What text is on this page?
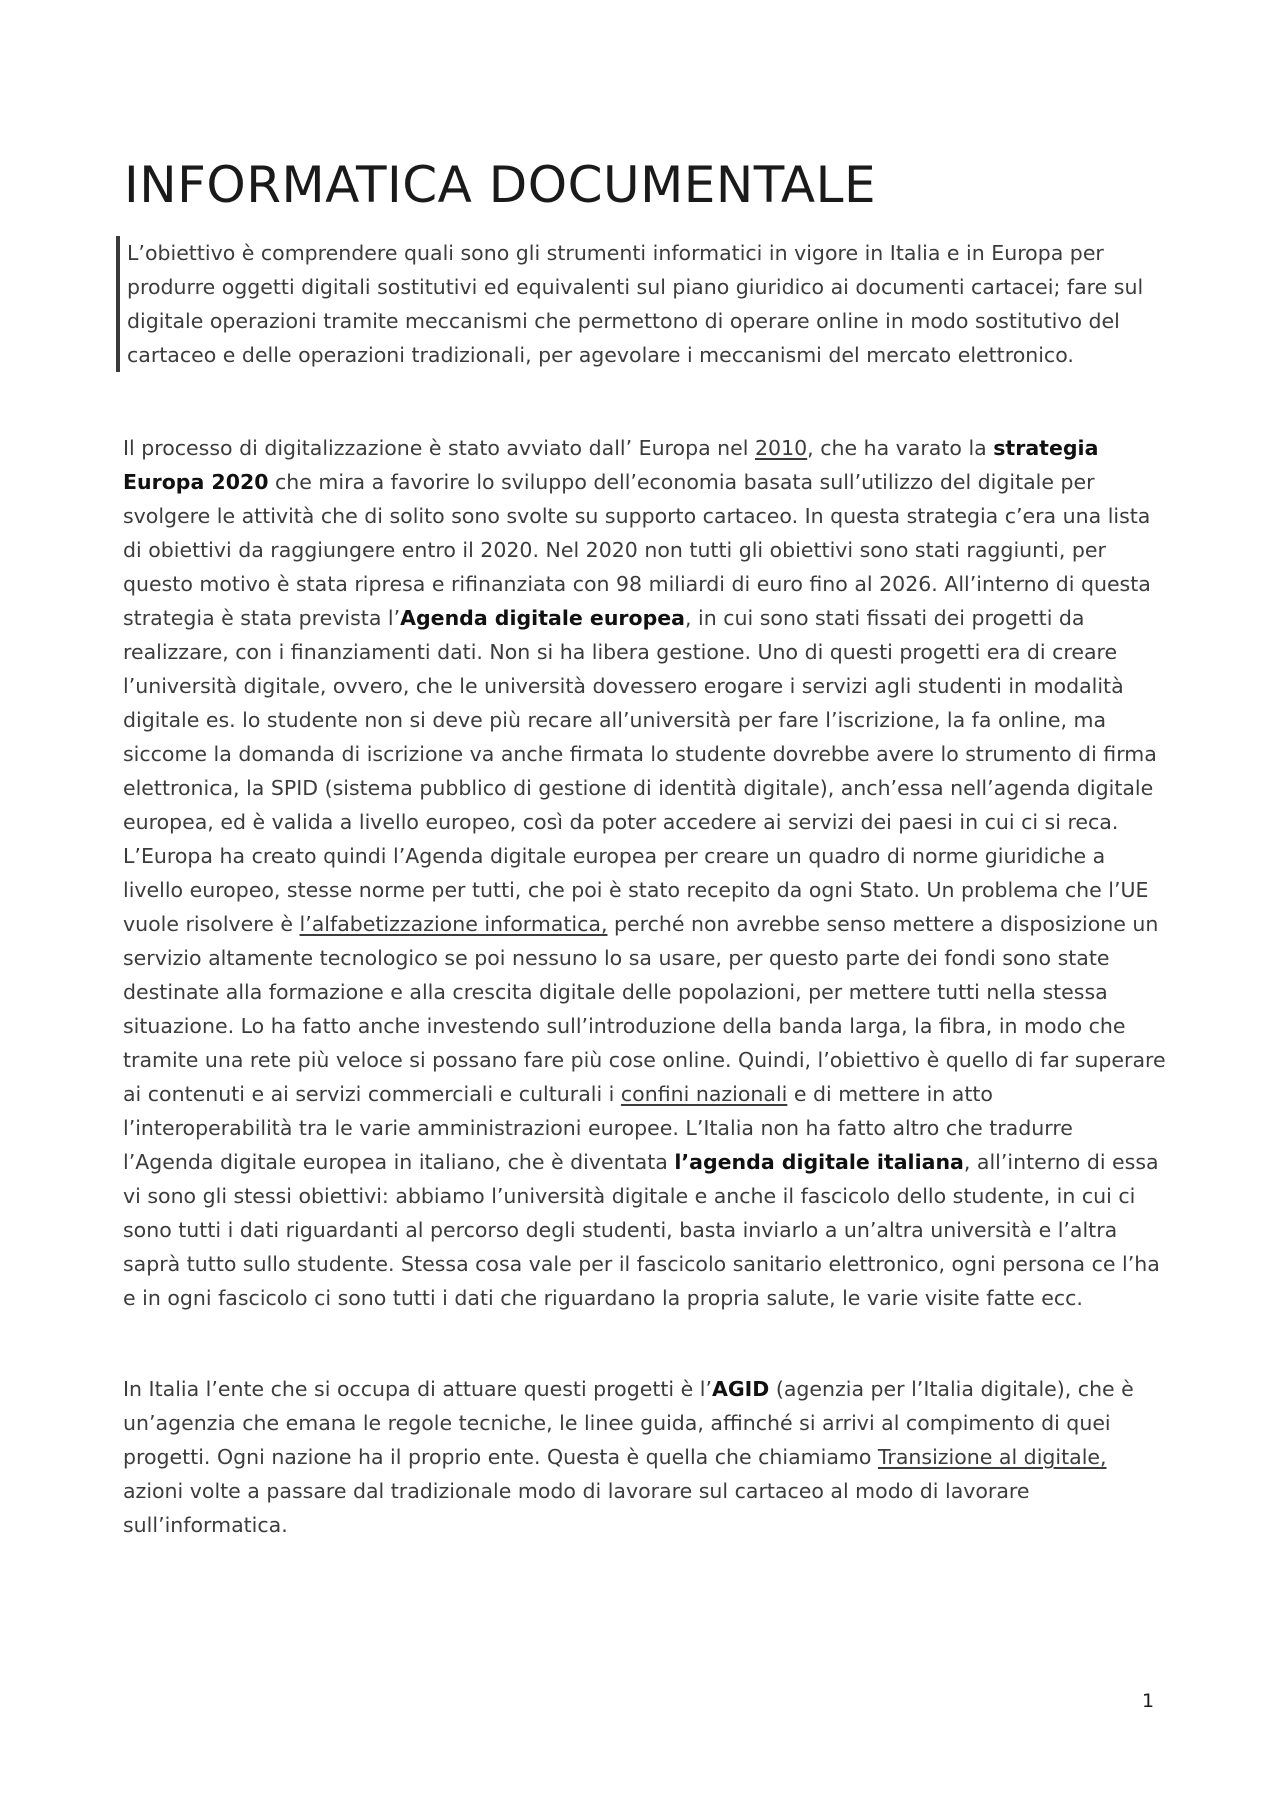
INFORMATICA DOCUMENTALE
L’obiettivo è comprendere quali sono gli strumenti informatici in vigore in Italia e in Europa per produrre oggetti digitali sostitutivi ed equivalenti sul piano giuridico ai documenti cartacei; fare sul digitale operazioni tramite meccanismi che permettono di operare online in modo sostitutivo del cartaceo e delle operazioni tradizionali, per agevolare i meccanismi del mercato elettronico.

Il processo di digitalizzazione è stato avviato dall’ Europa nel 2010, che ha varato la strategia Europa 2020 che mira a favorire lo sviluppo dell’economia basata sull’utilizzo del digitale per svolgere le attività che di solito sono svolte su supporto cartaceo. In questa strategia c’era una lista di obiettivi da raggiungere entro il 2020. Nel 2020 non tutti gli obiettivi sono stati raggiunti, per questo motivo è stata ripresa e rifinanziata con 98 miliardi di euro fino al 2026. All’interno di questa strategia è stata prevista l’Agenda digitale europea, in cui sono stati fissati dei progetti da realizzare, con i finanziamenti dati. Non si ha libera gestione. Uno di questi progetti era di creare l’università digitale, ovvero, che le università dovessero erogare i servizi agli studenti in modalità digitale es. lo studente non si deve più recare all’università per fare l’iscrizione, la fa online, ma siccome la domanda di iscrizione va anche firmata lo studente dovrebbe avere lo strumento di firma elettronica, la SPID (sistema pubblico di gestione di identità digitale), anch’essa nell’agenda digitale europea, ed è valida a livello europeo, così da poter accedere ai servizi dei paesi in cui ci si reca. L’Europa ha creato quindi l’Agenda digitale europea per creare un quadro di norme giuridiche a livello europeo, stesse norme per tutti, che poi è stato recepito da ogni Stato. Un problema che l’UE vuole risolvere è l’alfabetizzazione informatica, perché non avrebbe senso mettere a disposizione un servizio altamente tecnologico se poi nessuno lo sa usare, per questo parte dei fondi sono state destinate alla formazione e alla crescita digitale delle popolazioni, per mettere tutti nella stessa situazione. Lo ha fatto anche investendo sull’introduzione della banda larga, la fibra, in modo che tramite una rete più veloce si possano fare più cose online. Quindi, l’obiettivo è quello di far superare ai contenuti e ai servizi commerciali e culturali i confini nazionali e di mettere in atto l’interoperabilità tra le varie amministrazioni europee. L’Italia non ha fatto altro che tradurre l’Agenda digitale europea in italiano, che è diventata l’agenda digitale italiana, all’interno di essa vi sono gli stessi obiettivi: abbiamo l’università digitale e anche il fascicolo dello studente, in cui ci sono tutti i dati riguardanti al percorso degli studenti, basta inviarlo a un’altra università e l’altra saprà tutto sullo studente. Stessa cosa vale per il fascicolo sanitario elettronico, ogni persona ce l’ha e in ogni fascicolo ci sono tutti i dati che riguardano la propria salute, le varie visite fatte ecc.

In Italia l’ente che si occupa di attuare questi progetti è l’AGID (agenzia per l’Italia digitale), che è un’agenzia che emana le regole tecniche, le linee guida, affinché si arrivi al compimento di quei progetti. Ogni nazione ha il proprio ente. Questa è quella che chiamiamo Transizione al digitale, azioni volte a passare dal tradizionale modo di lavorare sul cartaceo al modo di lavorare sull’informatica.

1
